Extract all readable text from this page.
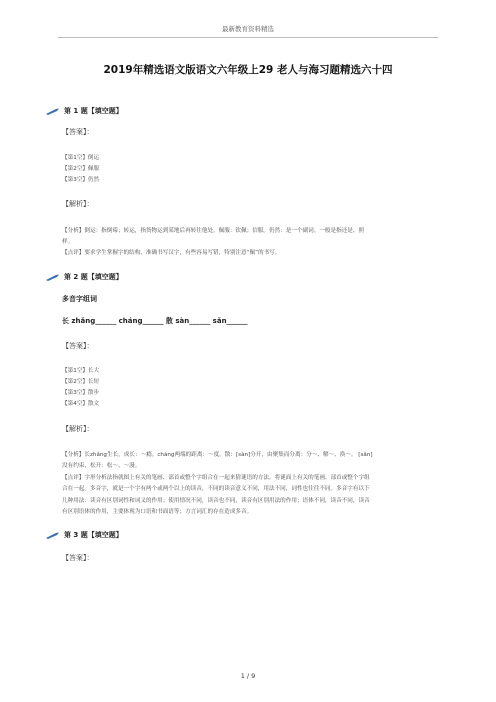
最新教育资料精选
2019年精选语文版语文六年级上29 老人与海习题精选六十四
第 1 题【填空题】
【答案】：
【第1空】倒运
【第2空】佩服
【第3空】仍然
【解析】：
【分析】倒运：指倒霉；转运，指货物运到某地后再转往他处。佩服：钦佩；信服。仍然：是一个副词。一般是指还是、照
样。
【点评】要求学生掌握字的结构，准确书写汉字，有些容易写错，特别注意“佩”的书写。
第 2 题【填空题】
多音字组词
长 zhǎng______ cháng______ 散 sàn______ sǎn______
【答案】：
【第1空】长大
【第2空】长短
【第3空】散步
【第4空】散文
【解析】：
【分析】长zhǎng生长，成长：～瘾。cháng两端的距离：～度。散：[sàn]分开，由聚集而分离：分～、解～、涣～。 [sǎn]
没有约束，松开：松～、～漫。
【点评】字形分析法指就图上有关的笔画、部首或整个字组合在一起来猜谜语的方法。将谜面上有关的笔画、部首或整个字组
合在一起。多音字，就是一个字有两个或两个以上的读音，不同的读音意义不同，用法不同，词性也往往不同。多音字有以下
几种用法：读音有区别词性和词义的作用；使用情况不同，读音也不同，读音有区别用法的作用；语体不同，读音不同，读音
有区别语体的作用，主要体现为口语和书面语等；方言词汇的存在造成多音。
第 3 题【填空题】
【答案】：
1 / 9
